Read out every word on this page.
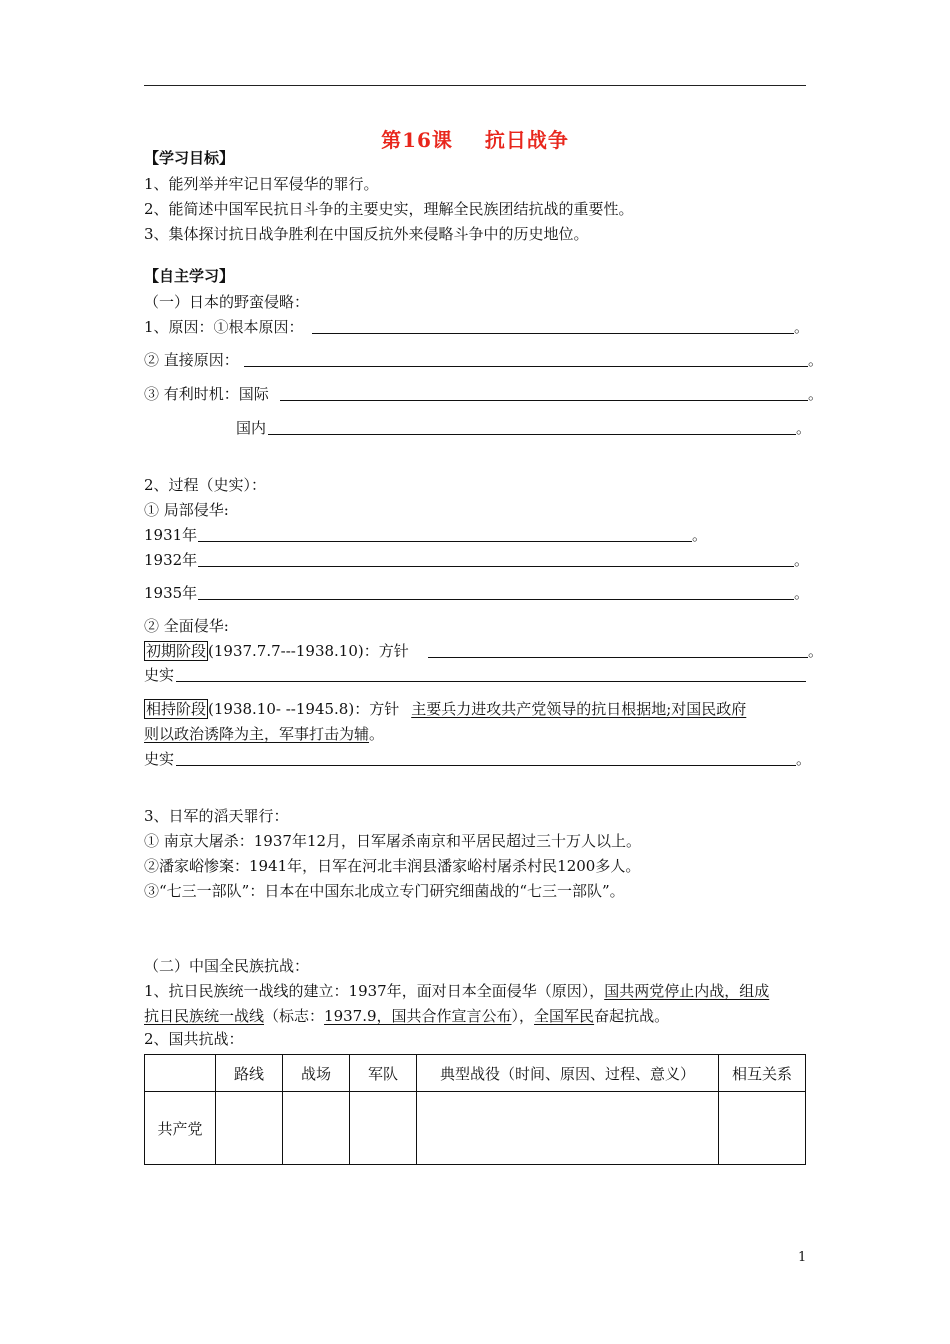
第16课 抗日战争
【学习目标】
1、能列举并牢记日军侵华的罪行。
2、能简述中国军民抗日斗争的主要史实，理解全民族团结抗战的重要性。
3、集体探讨抗日战争胜利在中国反抗外来侵略斗争中的历史地位。
【自主学习】
（一）日本的野蛮侵略：
1、原因：①根本原因：	。
② 直接原因：	。
③ 有利时机：国际	。
国内	。
2、过程（史实）：
① 局部侵华:
1931年	。
1932年	。
1935年	。
② 全面侵华:
初期阶段 (1937.7.7---1938.10)：方针	。
史实
相持阶段 (1938.10- --1945.8)：方针 主要兵力进攻共产党领导的抗日根据地;对国民政府
则以政治诱降为主，军事打击为辅。
史实	。
3、日军的滔天罪行：
① 南京大屠杀：1937年12月，日军屠杀南京和平居民超过三十万人以上。
②潘家峪惨案：1941年，日军在河北丰润县潘家峪村屠杀村民1200多人。
③“七三一部队”：日本在中国东北成立专门研究细菌战的“七三一部队”。
（二）中国全民族抗战：
1、抗日民族统一战线的建立：1937年，面对日本全面侵华（原因），国共两党停止内战，组成
抗日民族统一战线（标志：1937.9，国共合作宣言公布），全国军民奋起抗战。
2、国共抗战：
	路线	战场	军队	典型战役（时间、原因、过程、意义）	相互关系
共产党					
1
